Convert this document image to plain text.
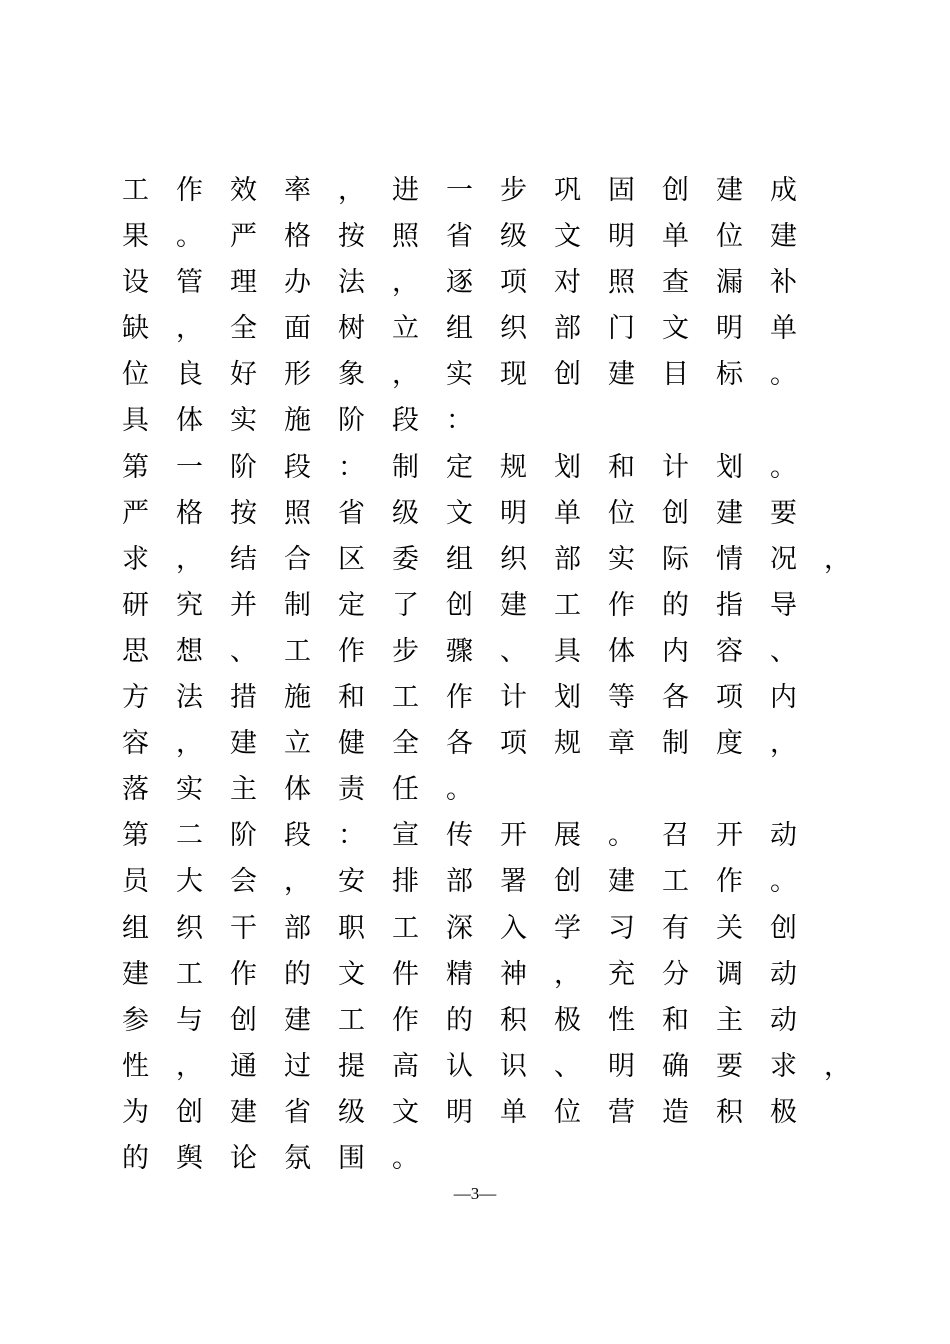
工作效率，进一步巩固创建成
果。严格按照省级文明单位建
设管理办法，逐项对照查漏补
缺，全面树立组织部门文明单
位良好形象，实现创建目标。
具体实施阶段：
第一阶段：制定规划和计划。
严格按照省级文明单位创建要
求，结合区委组织部实际情况，
研究并制定了创建工作的指导
思想、工作步骤、具体内容、
方法措施和工作计划等各项内
容，建立健全各项规章制度，
落实主体责任。
第二阶段：宣传开展。召开动
员大会，安排部署创建工作。
组织干部职工深入学习有关创
建工作的文件精神，充分调动
参与创建工作的积极性和主动
性，通过提高认识、明确要求，
为创建省级文明单位营造积极
的舆论氛围。
—3—
